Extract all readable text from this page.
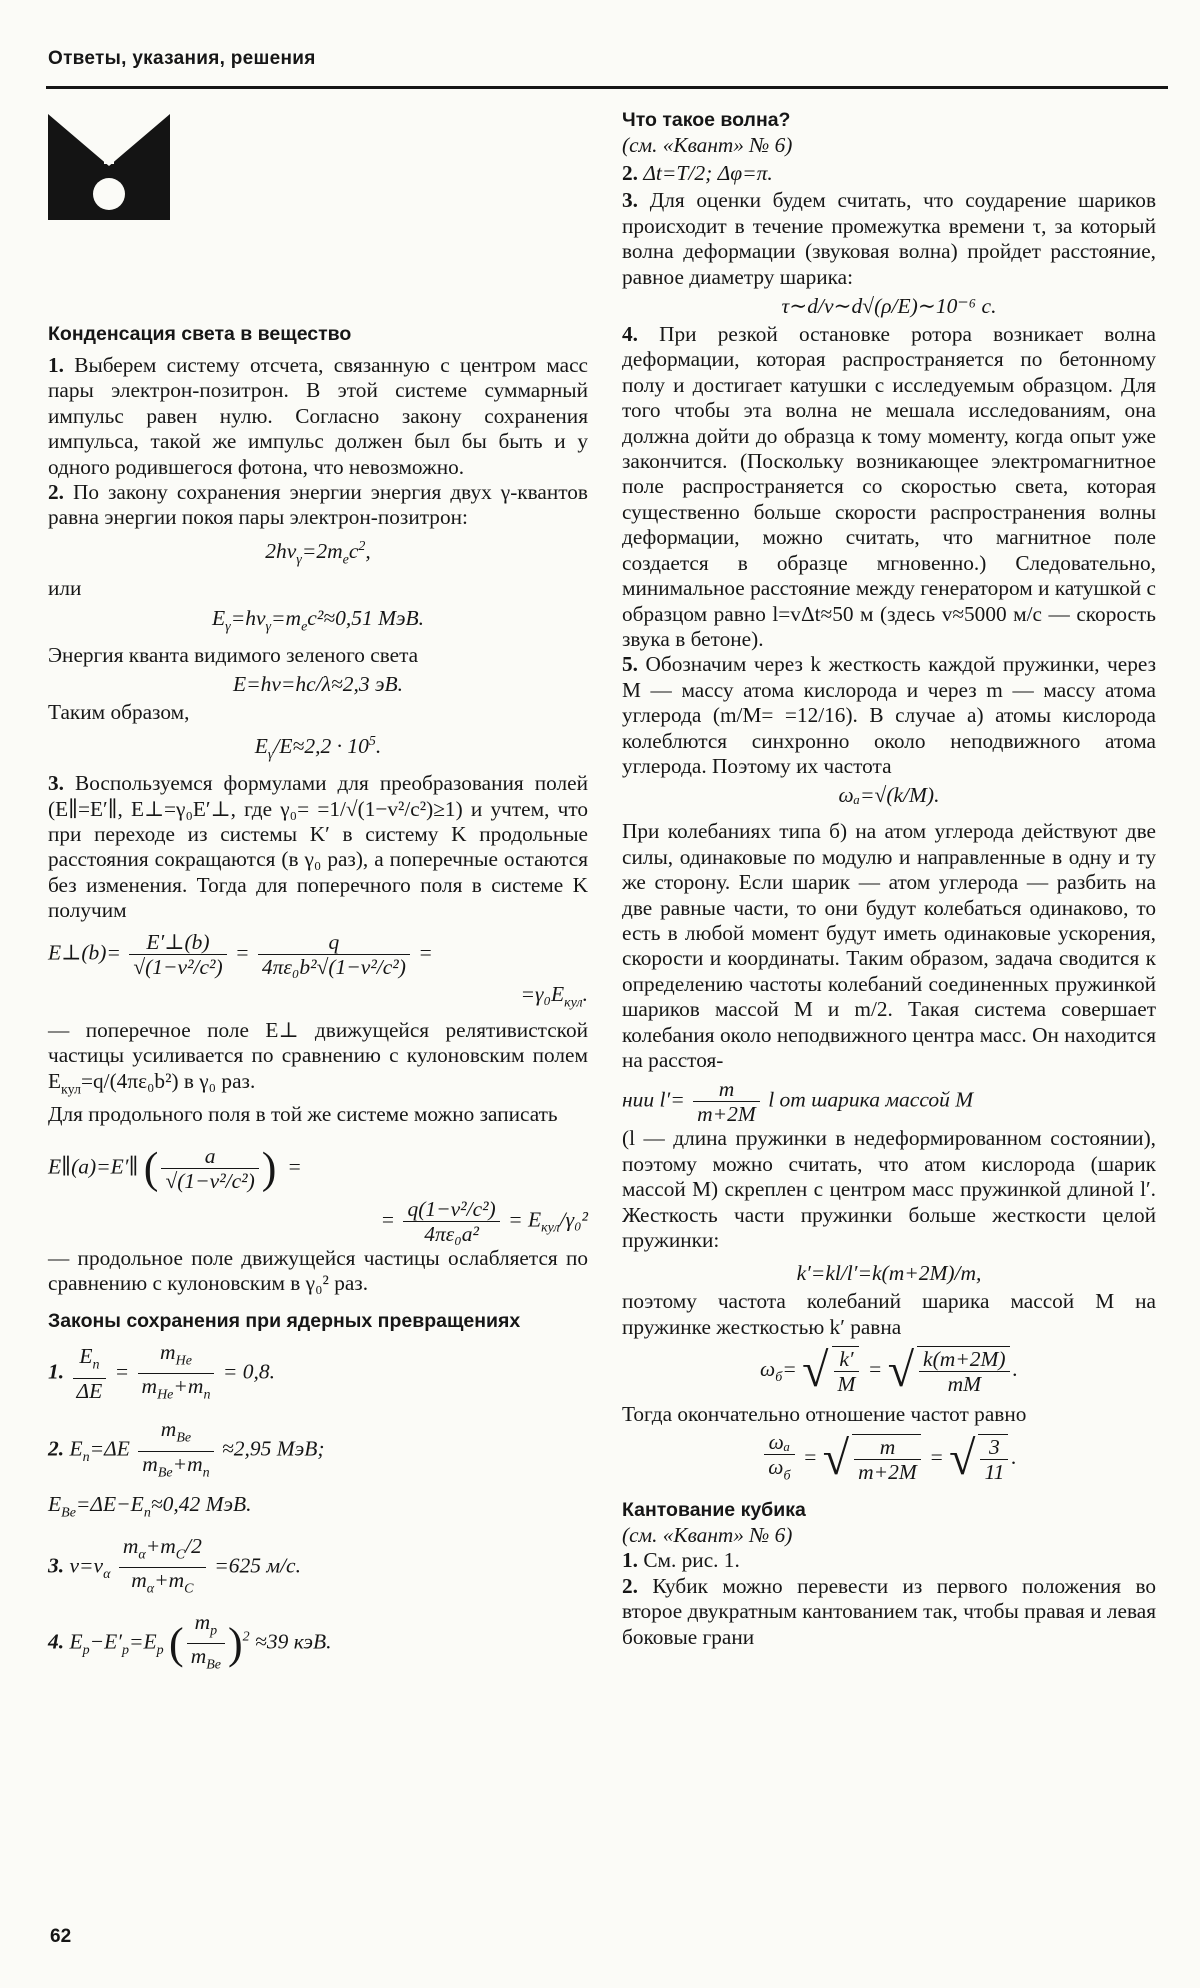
Ответы, указания, решения

Конденсация света в вещество

1. Выберем систему отсчета, связанную с центром масс пары электрон-позитрон. В этой системе суммарный импульс равен нулю. Согласно закону сохранения импульса, такой же импульс должен был бы быть и у одного родившегося фотона, что невозможно.

2. По закону сохранения энергии энергия двух γ-квантов равна энергии покоя пары электрон-позитрон:

$2h\nu_\gamma=2m_ec^2$,

или

$E_\gamma=h\nu_\gamma=m_ec^2\approx 0,51$ МэВ.

Энергия кванта видимого зеленого света

E=hν=hc/λ≈2,3 эВ.

Таким образом,

$E_\gamma/E\approx 2,2 \cdot 10^5$.

3. Воспользуемся формулами для преобразования полей (E∥=E′∥, E⊥=γ₀E′⊥, где γ₀= =1/√(1−v²/c²)≥1) и учтем, что при переходе из системы K′ в систему K продольные расстояния сокращаются (в γ₀ раз), а поперечные остаются без изменения. Тогда для поперечного поля в системе K получим

E⊥(b)= $\frac{E'\perp(b)}{\text{√(1−v²/c²)}} = \frac{q}{\text{4πε₀b²√(1−v²/c²)}}$ =
$=\gamma_0E_{кул}$.

— поперечное поле E⊥ движущейся релятивистской частицы усиливается по сравнению с кулоновским полем $E_{кул}=q/(4\pi\varepsilon_0b^2)$ в γ₀ раз.

Для продольного поля в той же системе можно записать

E∥(a)=E′∥ ( $\frac{a}{\text{√(1−v²/c²)}}$ )  =
= $\frac{\text{q(1−v²/c²)}}{\text{4πε₀a²}} = E_{кул}/\gamma_0^2$

— продольное поле движущейся частицы ослабляется по сравнению с кулоновским в γ₀² раз.

Законы сохранения при ядерных превращениях

1. $\frac{E_n}{\Delta E} = \frac{m_{He}}{m_{He}+m_n} = 0,8$.
2. $E_n=\Delta E \frac{m_{Be}}{m_{Be}+m_n} \approx 2,95$ МэВ;
$E_{Be}=\Delta E-E_n\approx 0,42$ МэВ.
3. $v=v_\alpha \frac{m_\alpha+m_C/2}{m_\alpha+m_C} =625$ м/с.
4. $E_p-E'_p=E_p$ ( $\frac{m_p}{m_{Be}} )^2 \approx 39$ кэВ.

Что такое волна?

(см. «Квант» № 6)

2. Δt=T/2; Δφ=π.

3. Для оценки будем считать, что соударение шариков происходит в течение промежутка времени τ, за который волна деформации (звуковая волна) пройдет расстояние, равное диаметру шарика:

τ∼d/v∼d√(ρ/E)∼10⁻⁶ с.

4. При резкой остановке ротора возникает волна деформации, которая распространяется по бетонному полу и достигает катушки с исследуемым образцом. Для того чтобы эта волна не мешала исследованиям, она должна дойти до образца к тому моменту, когда опыт уже закончится. (Поскольку возникающее электромагнитное поле распространяется со скоростью света, которая существенно больше скорости распространения волны деформации, можно считать, что магнитное поле создается в образце мгновенно.) Следовательно, минимальное расстояние между генератором и катушкой с образцом равно l=vΔt≈50 м (здесь v≈5000 м/с — скорость звука в бетоне).

5. Обозначим через k жесткость каждой пружинки, через M — массу атома кислорода и через m — массу атома углерода (m/M= =12/16). В случае а) атомы кислорода колеблются синхронно около неподвижного атома углерода. Поэтому их частота

ωₐ=√(k/M).

При колебаниях типа б) на атом углерода действуют две силы, одинаковые по модулю и направленные в одну и ту же сторону. Если шарик — атом углерода — разбить на две равные части, то они будут колебаться одинаково, то есть в любой момент будут иметь одинаковые ускорения, скорости и координаты. Таким образом, задача сводится к определению частоты колебаний соединенных пружинкой шариков массой M и m/2. Такая система совершает колебания около неподвижного центра масс. Он находится на расстоя-

нии $l'= \frac{m}{m+2M}$ l от шарика массой M

(l — длина пружинки в недеформированном состоянии), поэтому можно считать, что атом кислорода (шарик массой M) скреплен с центром масс пружинкой длиной l′. Жесткость части пружинки больше жесткости целой пружинки:

k′=kl/l′=k(m+2M)/m,

поэтому частота колебаний шарика массой M на пружинке жесткостью k′ равна

$\omega_б=$ √ $\frac{k'}{M}$ = √ $\frac{k(m+2M)}{mM}$ .

Тогда окончательно отношение частот равно

$\frac{\text{ωₐ}}{\omega_б}$ = √ $\frac{m}{m+2M}$ = √ $\frac{3}{11}$ .

Кантование кубика

(см. «Квант» № 6)

1. См. рис. 1.

2. Кубик можно перевести из первого положения во второе двукратным кантованием так, чтобы правая и левая боковые грани

62
